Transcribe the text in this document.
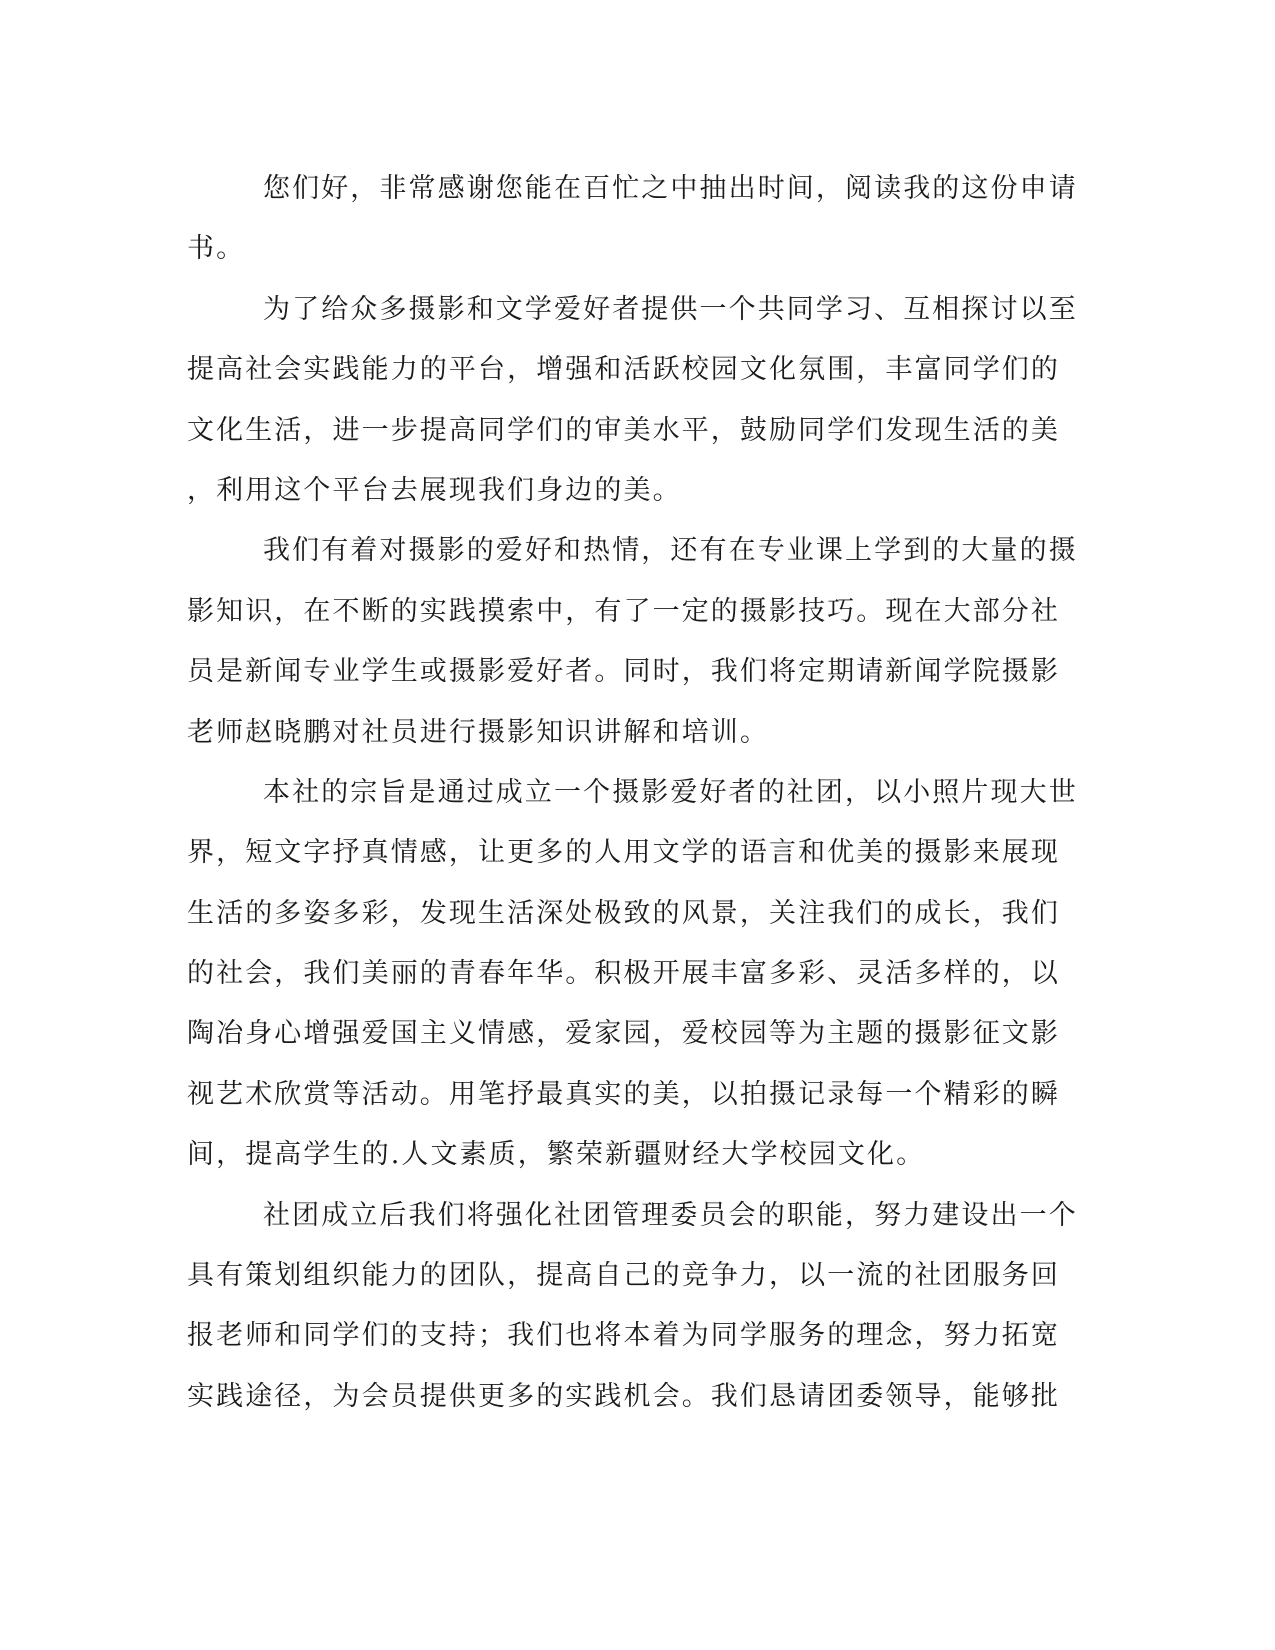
您们好，非常感谢您能在百忙之中抽出时间，阅读我的这份申请

书。

为了给众多摄影和文学爱好者提供一个共同学习、互相探讨以至

提高社会实践能力的平台，增强和活跃校园文化氛围，丰富同学们的

文化生活，进一步提高同学们的审美水平，鼓励同学们发现生活的美

，利用这个平台去展现我们身边的美。

我们有着对摄影的爱好和热情，还有在专业课上学到的大量的摄

影知识，在不断的实践摸索中，有了一定的摄影技巧。现在大部分社

员是新闻专业学生或摄影爱好者。同时，我们将定期请新闻学院摄影

老师赵晓鹏对社员进行摄影知识讲解和培训。

本社的宗旨是通过成立一个摄影爱好者的社团，以小照片现大世

界，短文字抒真情感，让更多的人用文学的语言和优美的摄影来展现

生活的多姿多彩，发现生活深处极致的风景，关注我们的成长，我们

的社会，我们美丽的青春年华。积极开展丰富多彩、灵活多样的，以

陶冶身心增强爱国主义情感，爱家园，爱校园等为主题的摄影征文影

视艺术欣赏等活动。用笔抒最真实的美，以拍摄记录每一个精彩的瞬

间，提高学生的.人文素质，繁荣新疆财经大学校园文化。

社团成立后我们将强化社团管理委员会的职能，努力建设出一个

具有策划组织能力的团队，提高自己的竞争力，以一流的社团服务回

报老师和同学们的支持；我们也将本着为同学服务的理念，努力拓宽

实践途径，为会员提供更多的实践机会。我们恳请团委领导，能够批
